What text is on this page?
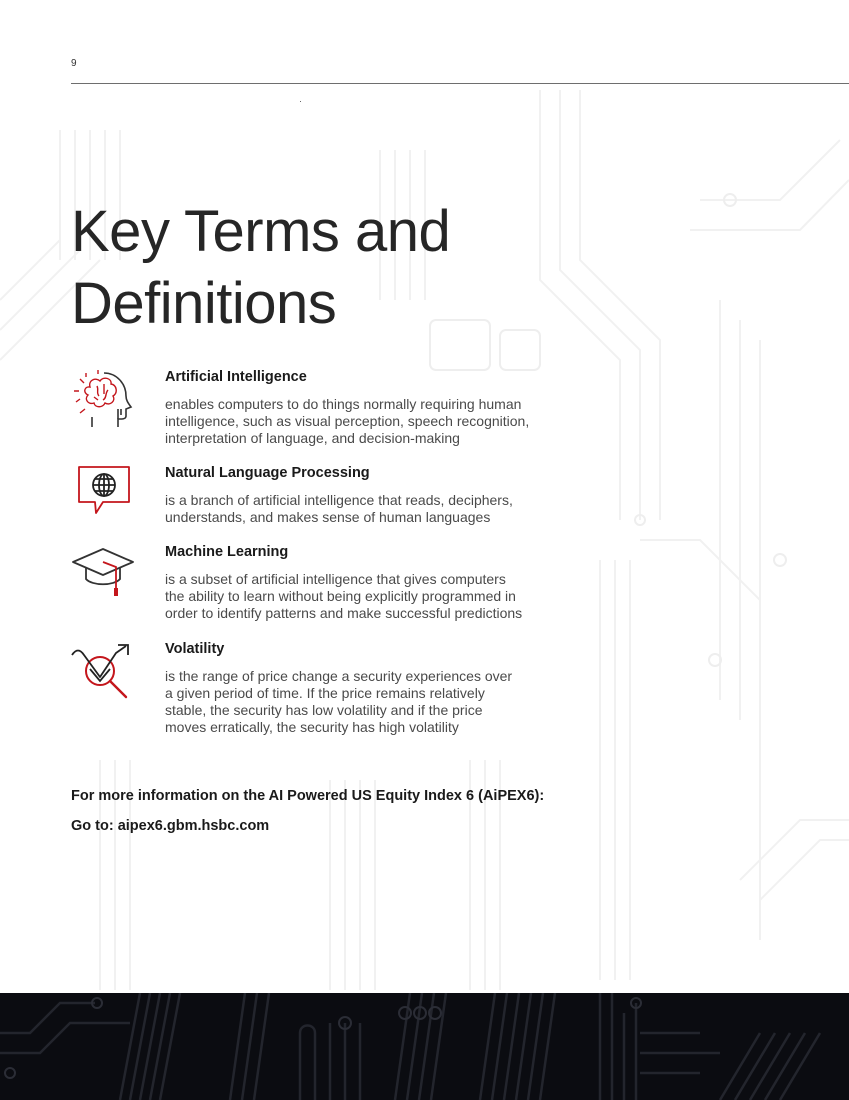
9
Key Terms and
Definitions
Artificial Intelligence

enables computers to do things normally requiring human
intelligence, such as visual perception, speech recognition,
interpretation of language, and decision-making

Natural Language Processing

is a branch of artificial intelligence that reads, deciphers,
understands, and makes sense of human languages

Machine Learning

is a subset of artificial intelligence that gives computers
the ability to learn without being explicitly programmed in
order to identify patterns and make successful predictions

Volatility

is the range of price change a security experiences over
a given period of time. If the price remains relatively
stable, the security has low volatility and if the price
moves erratically, the security has high volatility

For more information on the AI Powered US Equity Index 6 (AiPEX6):
Go to: aipex6.gbm.hsbc.com
